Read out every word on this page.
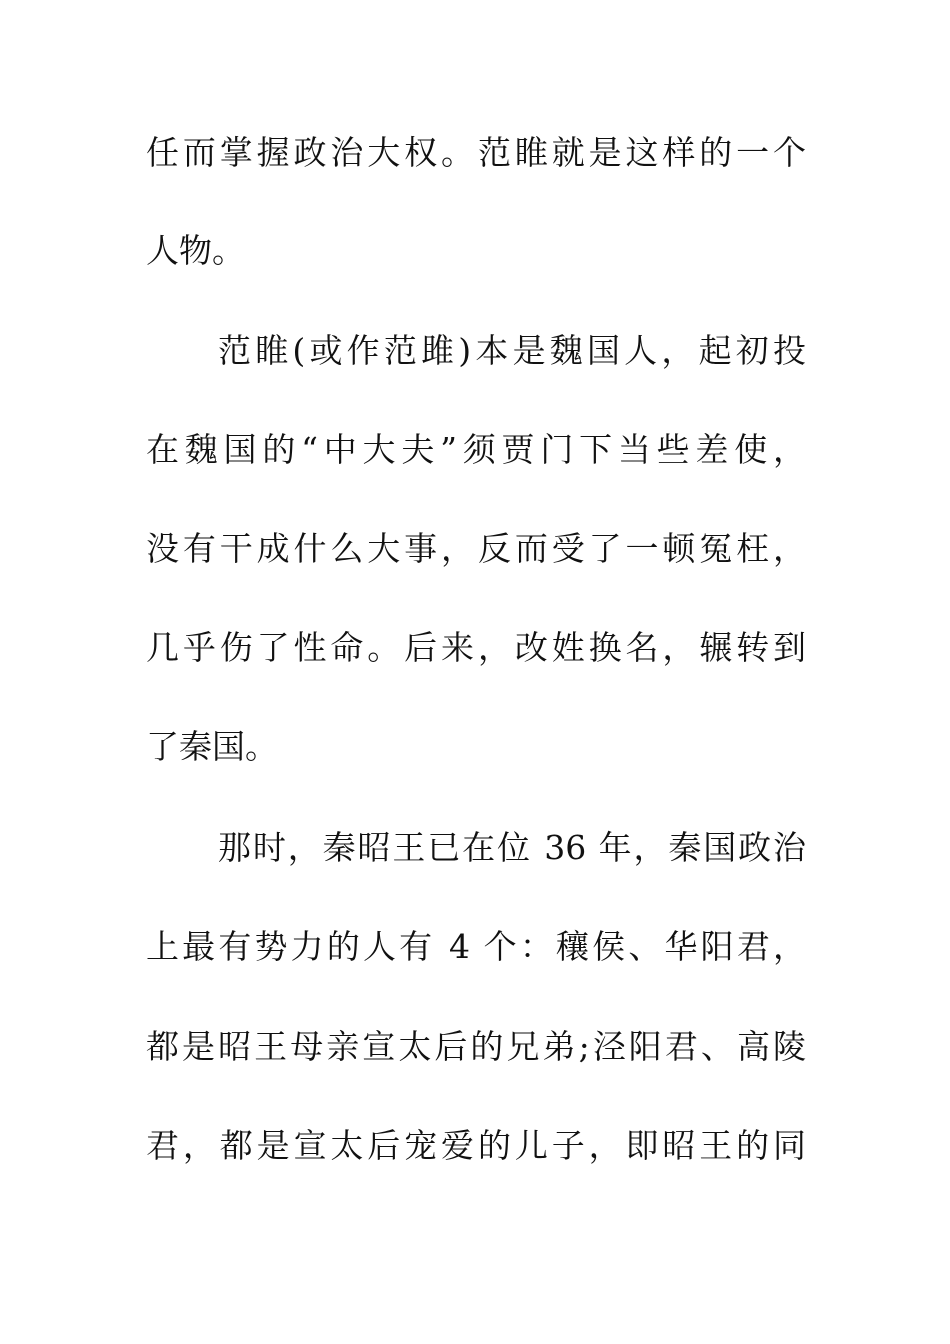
任而掌握政治大权。范睢就是这样的一个
人物。
范睢(或作范雎)本是魏国人，起初投
在魏国的“中大夫”须贾门下当些差使，
没有干成什么大事，反而受了一顿冤枉，
几乎伤了性命。后来，改姓换名，辗转到
了秦国。
那时，秦昭王已在位 36 年，秦国政治
上最有势力的人有 4 个：穰侯、华阳君，
都是昭王母亲宣太后的兄弟;泾阳君、高陵
君，都是宣太后宠爱的儿子，即昭王的同
